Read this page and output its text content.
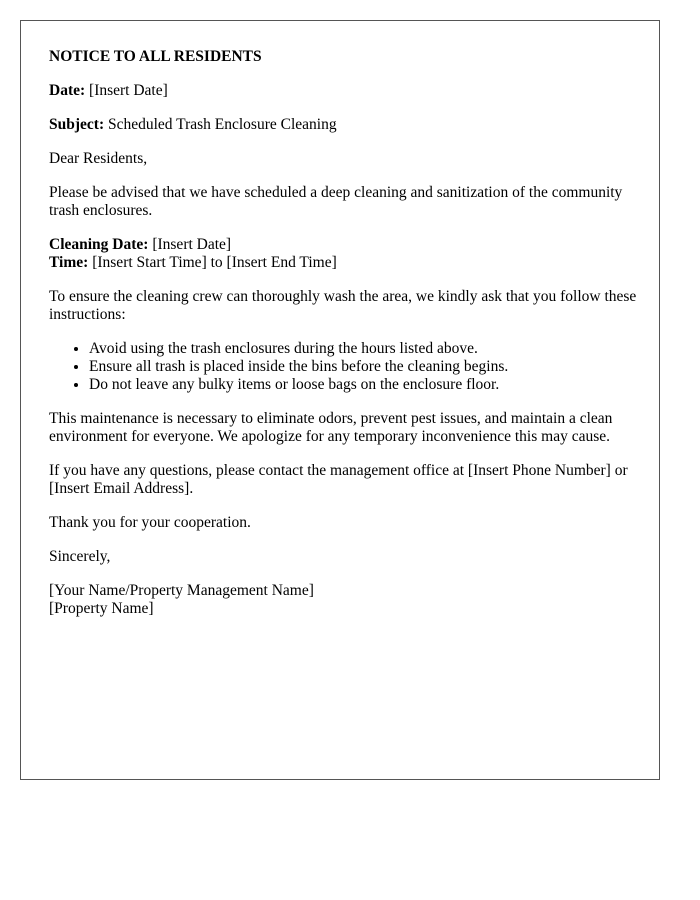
NOTICE TO ALL RESIDENTS

Date: [Insert Date]

Subject: Scheduled Trash Enclosure Cleaning

Dear Residents,

Please be advised that we have scheduled a deep cleaning and sanitization of the community trash enclosures.

Cleaning Date: [Insert Date]
Time: [Insert Start Time] to [Insert End Time]

To ensure the cleaning crew can thoroughly wash the area, we kindly ask that you follow these instructions:

• Avoid using the trash enclosures during the hours listed above.
• Ensure all trash is placed inside the bins before the cleaning begins.
• Do not leave any bulky items or loose bags on the enclosure floor.

This maintenance is necessary to eliminate odors, prevent pest issues, and maintain a clean environment for everyone. We apologize for any temporary inconvenience this may cause.

If you have any questions, please contact the management office at [Insert Phone Number] or [Insert Email Address].

Thank you for your cooperation.

Sincerely,

[Your Name/Property Management Name]
[Property Name]
